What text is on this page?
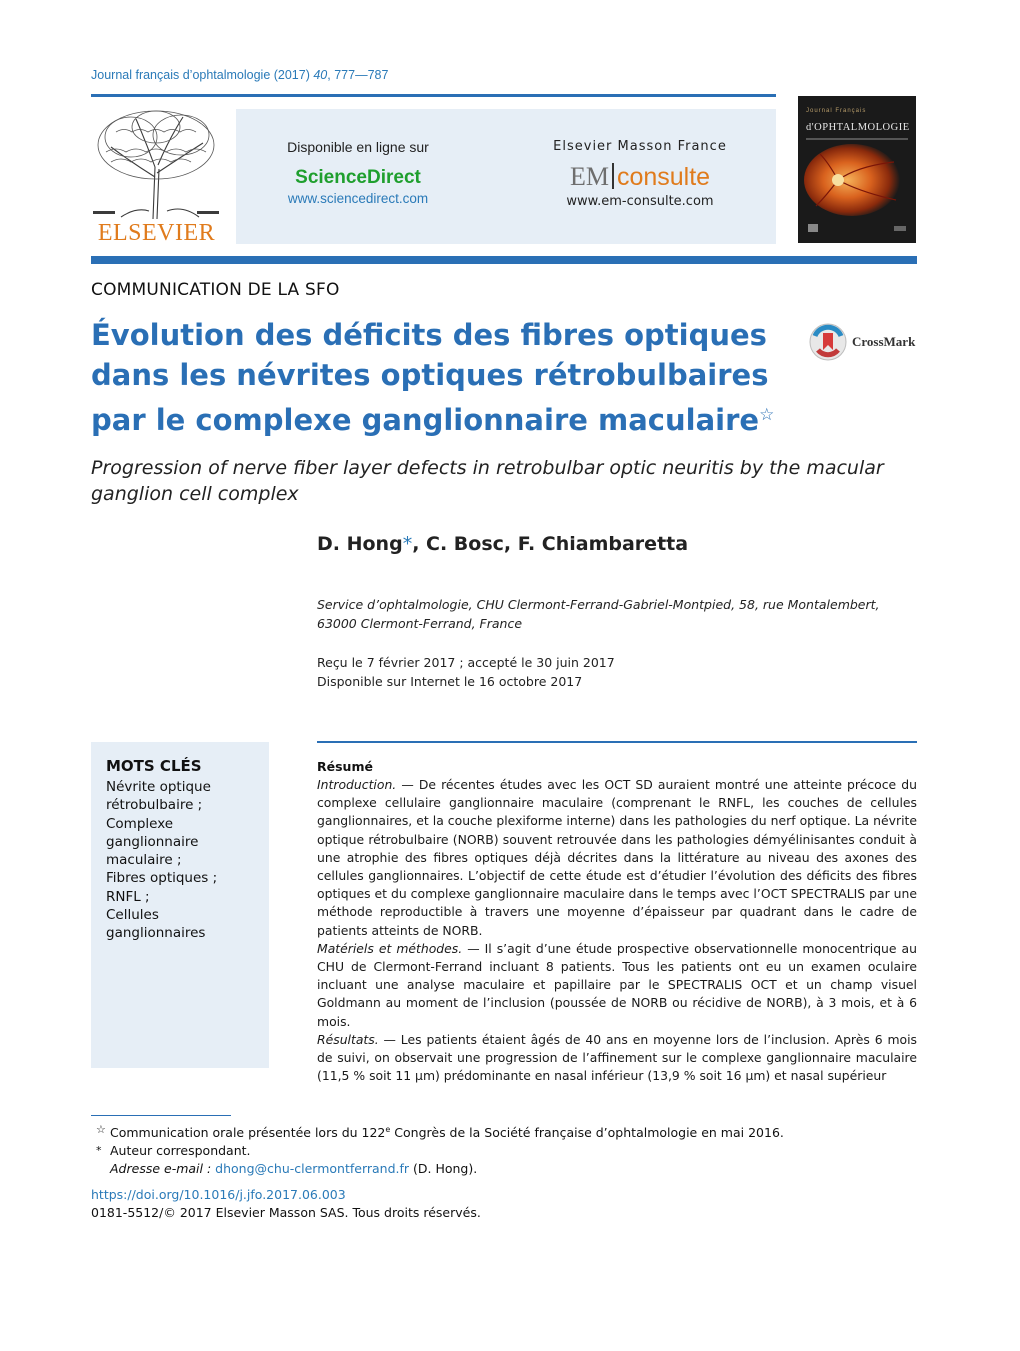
Journal français d’ophtalmologie (2017) 40, 777—787
ELSEVIER
Disponible en ligne sur
ScienceDirect
www.sciencedirect.com
Elsevier Masson France
EM consulte
www.em-consulte.com
Journal Français
d'OPHTALMOLOGIE
COMMUNICATION DE LA SFO
Évolution des déficits des fibres optiques dans les névrites optiques rétrobulbaires par le complexe ganglionnaire maculaire☆
CrossMark
Progression of nerve fiber layer defects in retrobulbar optic neuritis by the macular ganglion cell complex
D. Hong*, C. Bosc, F. Chiambaretta
Service d’ophtalmologie, CHU Clermont-Ferrand-Gabriel-Montpied, 58, rue Montalembert,
63000 Clermont-Ferrand, France
Reçu le 7 février 2017 ; accepté le 30 juin 2017
Disponible sur Internet le 16 octobre 2017
MOTS CLÉS
Névrite optique rétrobulbaire ;
Complexe ganglionnaire maculaire ;
Fibres optiques ;
RNFL ;
Cellules ganglionnaires
Résumé

Introduction. — De récentes études avec les OCT SD auraient montré une atteinte précoce du complexe cellulaire ganglionnaire maculaire (comprenant le RNFL, les couches de cellules ganglionnaires, et la couche plexiforme interne) dans les pathologies du nerf optique. La névrite optique rétrobulbaire (NORB) souvent retrouvée dans les pathologies démyélinisantes conduit à une atrophie des fibres optiques déjà décrites dans la littérature au niveau des axones des cellules ganglionnaires. L’objectif de cette étude est d’étudier l’évolution des déficits des fibres optiques et du complexe ganglionnaire maculaire dans le temps avec l’OCT SPECTRALIS par une méthode reproductible à travers une moyenne d’épaisseur par quadrant dans le cadre de patients atteints de NORB.

Matériels et méthodes. — Il s’agit d’une étude prospective observationnelle monocentrique au CHU de Clermont-Ferrand incluant 8 patients. Tous les patients ont eu un examen oculaire incluant une analyse maculaire et papillaire par le SPECTRALIS OCT et un champ visuel Goldmann au moment de l’inclusion (poussée de NORB ou récidive de NORB), à 3 mois, et à 6 mois.

Résultats. — Les patients étaient âgés de 40 ans en moyenne lors de l’inclusion. Après 6 mois de suivi, on observait une progression de l’affinement sur le complexe ganglionnaire maculaire (11,5 % soit 11 μm) prédominante en nasal inférieur (13,9 % soit 16 μm) et nasal supérieur

☆ Communication orale présentée lors du 122e Congrès de la Société française d’ophtalmologie en mai 2016.
* Auteur correspondant.
Adresse e-mail : dhong@chu-clermontferrand.fr (D. Hong).
https://doi.org/10.1016/j.jfo.2017.06.003
0181-5512/© 2017 Elsevier Masson SAS. Tous droits réservés.
